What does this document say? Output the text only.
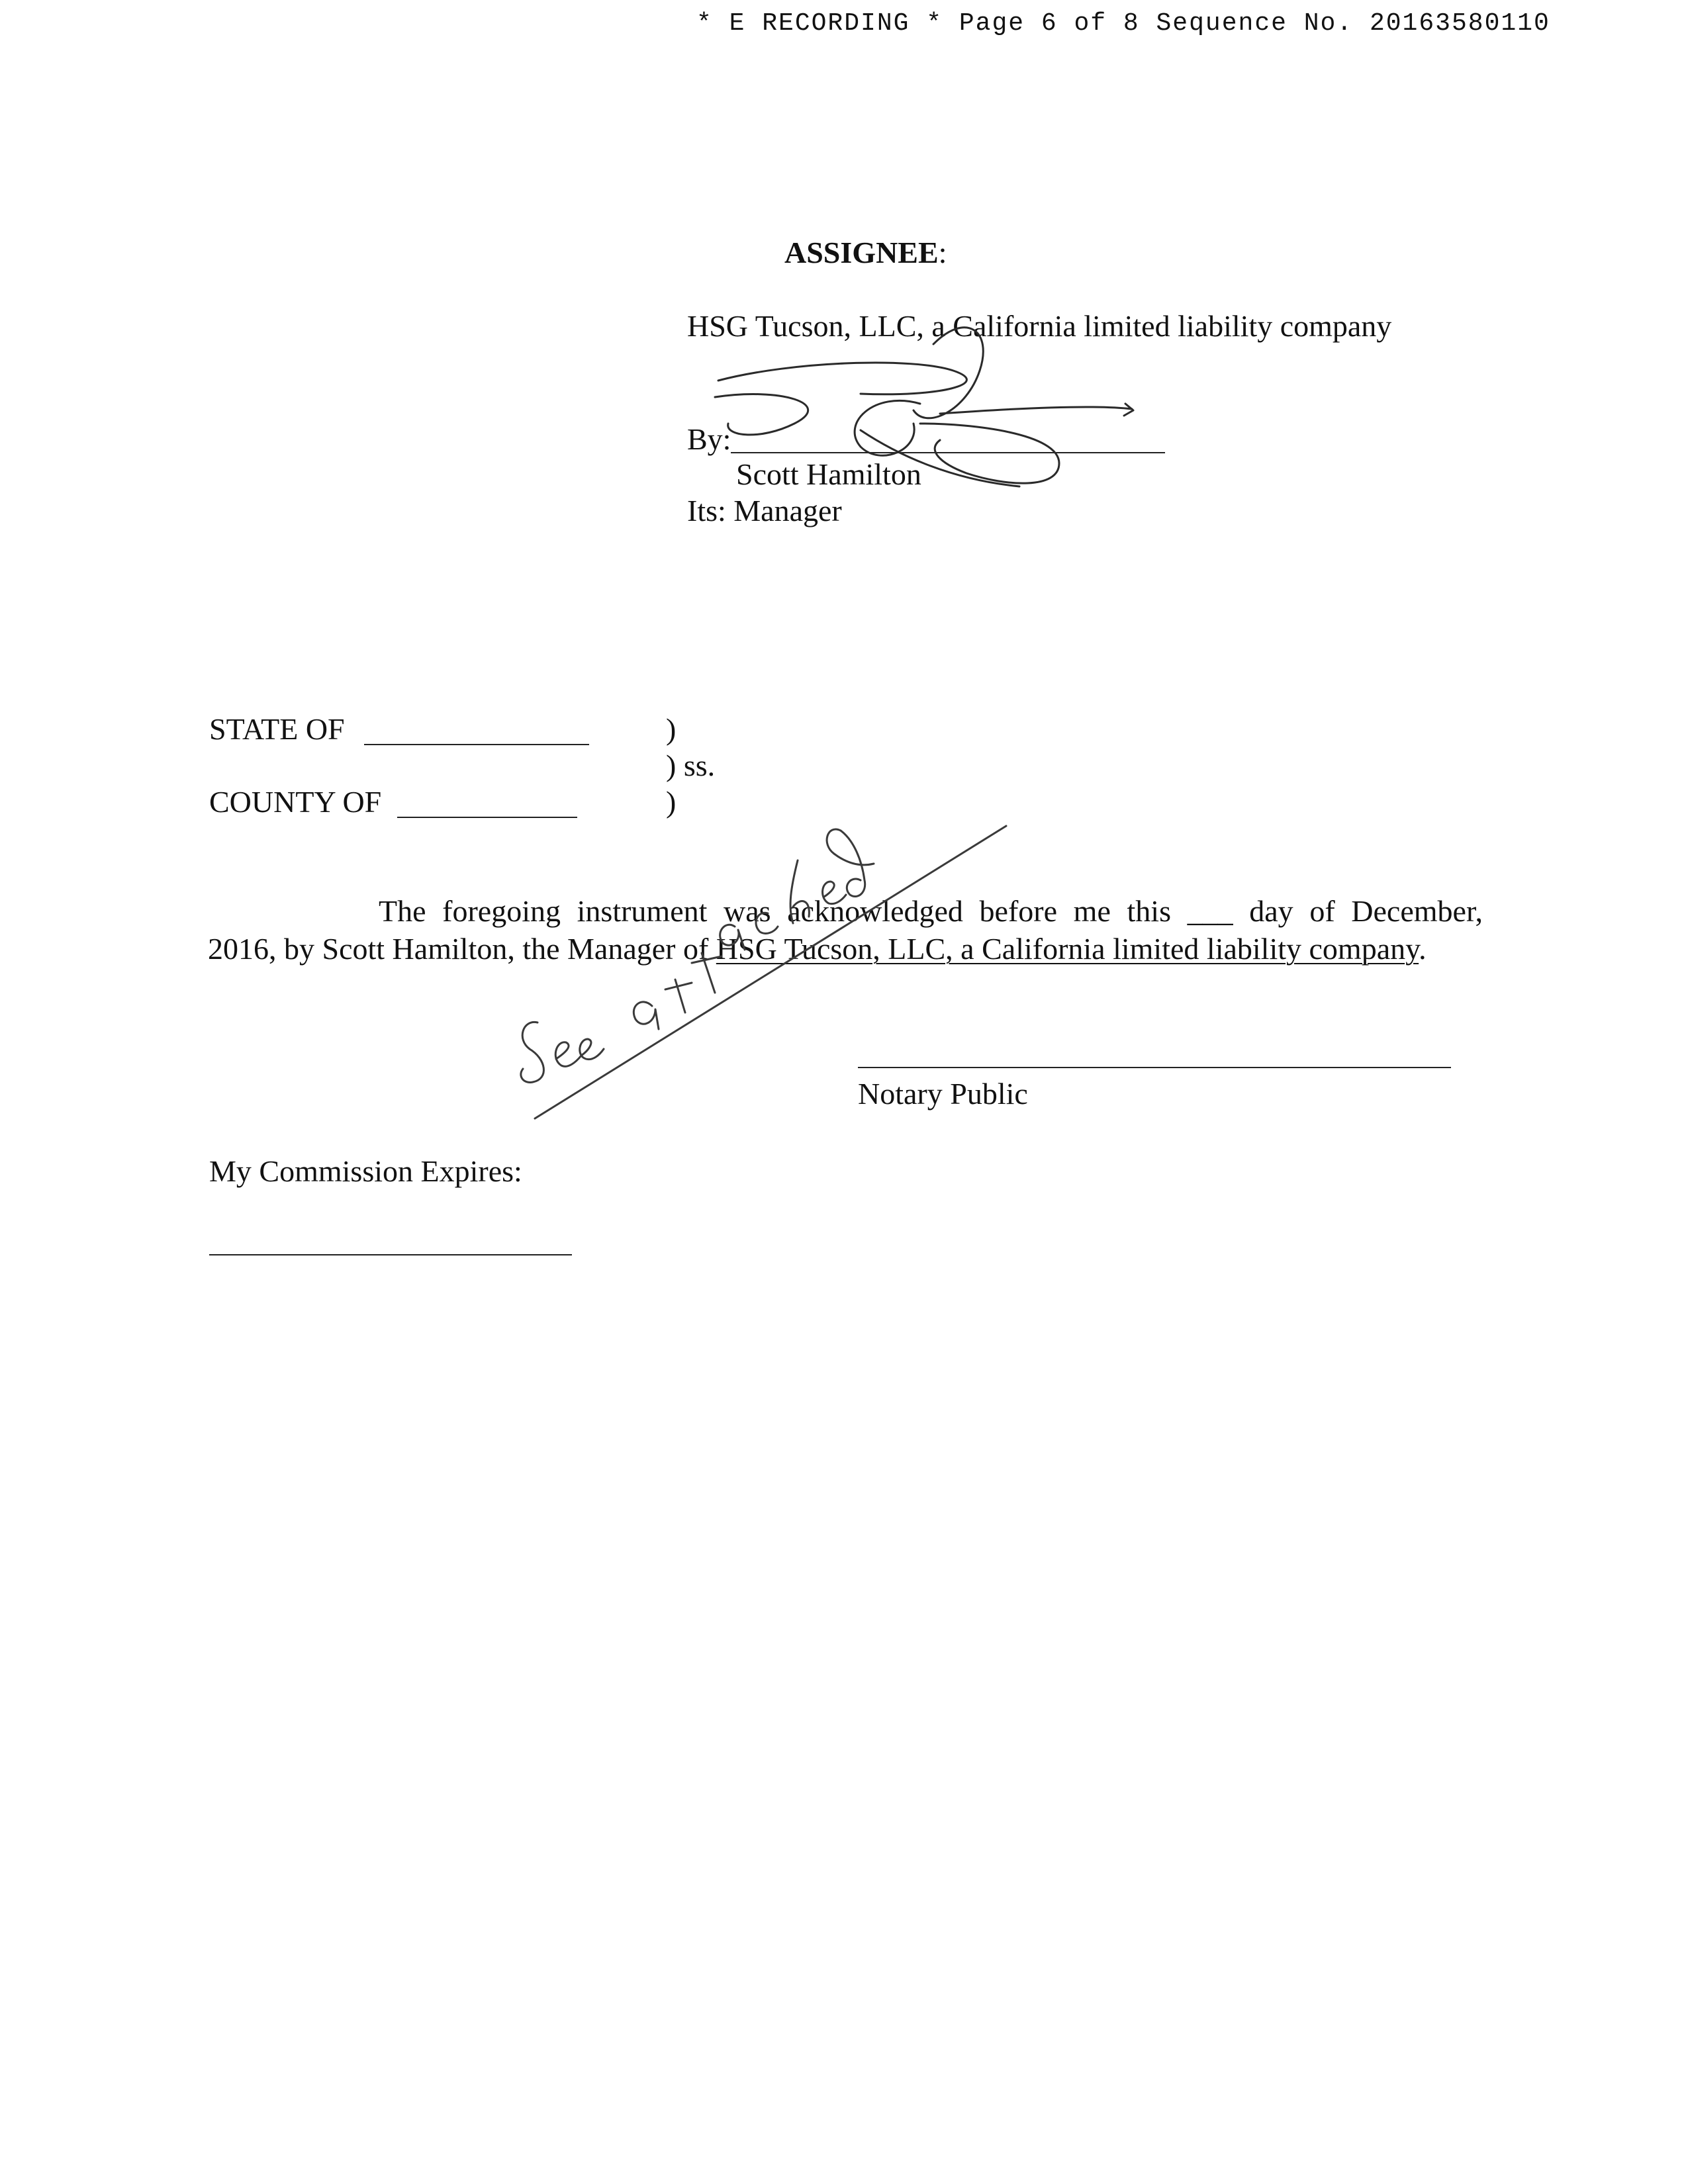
* E RECORDING * Page 6 of 8 Sequence No. 20163580110
ASSIGNEE:
HSG Tucson, LLC, a California limited liability company
By:
Scott Hamilton
Its: Manager
STATE OF
COUNTY OF
)
) ss.
)
The foregoing instrument was acknowledged before me this ___ day of December,
2016, by Scott Hamilton, the Manager of HSG Tucson, LLC, a California limited liability company.
Notary Public
My Commission Expires:
